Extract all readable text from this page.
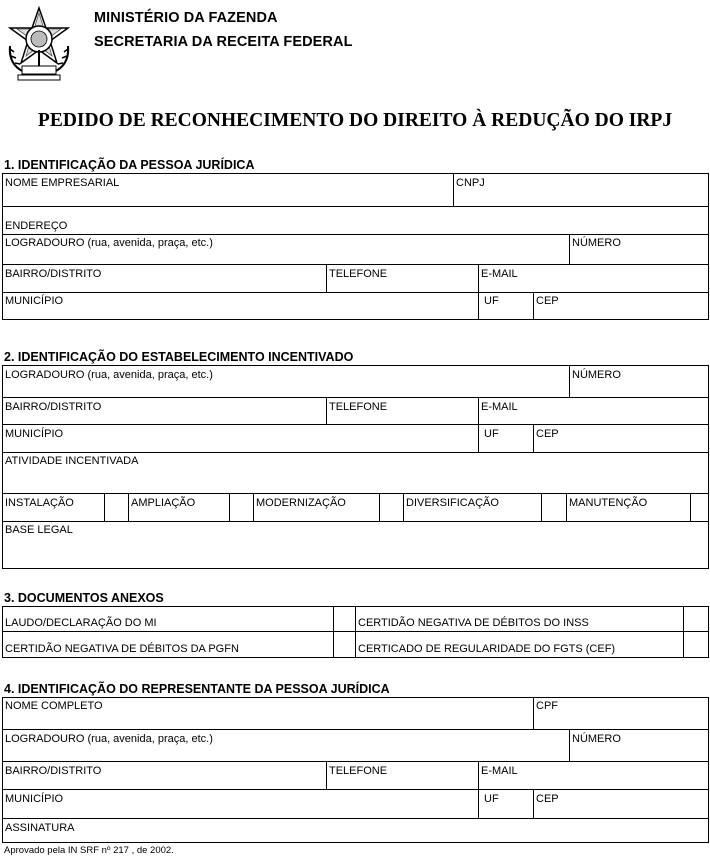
MINISTÉRIO DA FAZENDA
SECRETARIA DA RECEITA FEDERAL
PEDIDO DE RECONHECIMENTO DO DIREITO À REDUÇÃO DO IRPJ
1. IDENTIFICAÇÃO DA PESSOA JURÍDICA
NOME EMPRESARIAL	CNPJ
ENDEREÇO
LOGRADOURO (rua, avenida, praça, etc.)	NÚMERO
BAIRRO/DISTRITO	TELEFONE	E-MAIL
MUNICÍPIO	UF	CEP
2. IDENTIFICAÇÃO DO ESTABELECIMENTO INCENTIVADO
LOGRADOURO (rua, avenida, praça, etc.)	NÚMERO
BAIRRO/DISTRITO	TELEFONE	E-MAIL
MUNICÍPIO	UF	CEP
ATIVIDADE INCENTIVADA
INSTALAÇÃO	AMPLIAÇÃO	MODERNIZAÇÃO	DIVERSIFICAÇÃO	MANUTENÇÃO
BASE LEGAL
3. DOCUMENTOS ANEXOS
LAUDO/DECLARAÇÃO DO MI	CERTIDÃO NEGATIVA DE DÉBITOS DO INSS
CERTIDÃO NEGATIVA DE DÉBITOS DA PGFN	CERTICADO DE REGULARIDADE DO FGTS (CEF)
4. IDENTIFICAÇÃO DO REPRESENTANTE DA PESSOA JURÍDICA
NOME COMPLETO	CPF
LOGRADOURO (rua, avenida, praça, etc.)	NÚMERO
BAIRRO/DISTRITO	TELEFONE	E-MAIL
MUNICÍPIO	UF	CEP
ASSINATURA
Aprovado pela IN SRF nº 217 , de 2002.
